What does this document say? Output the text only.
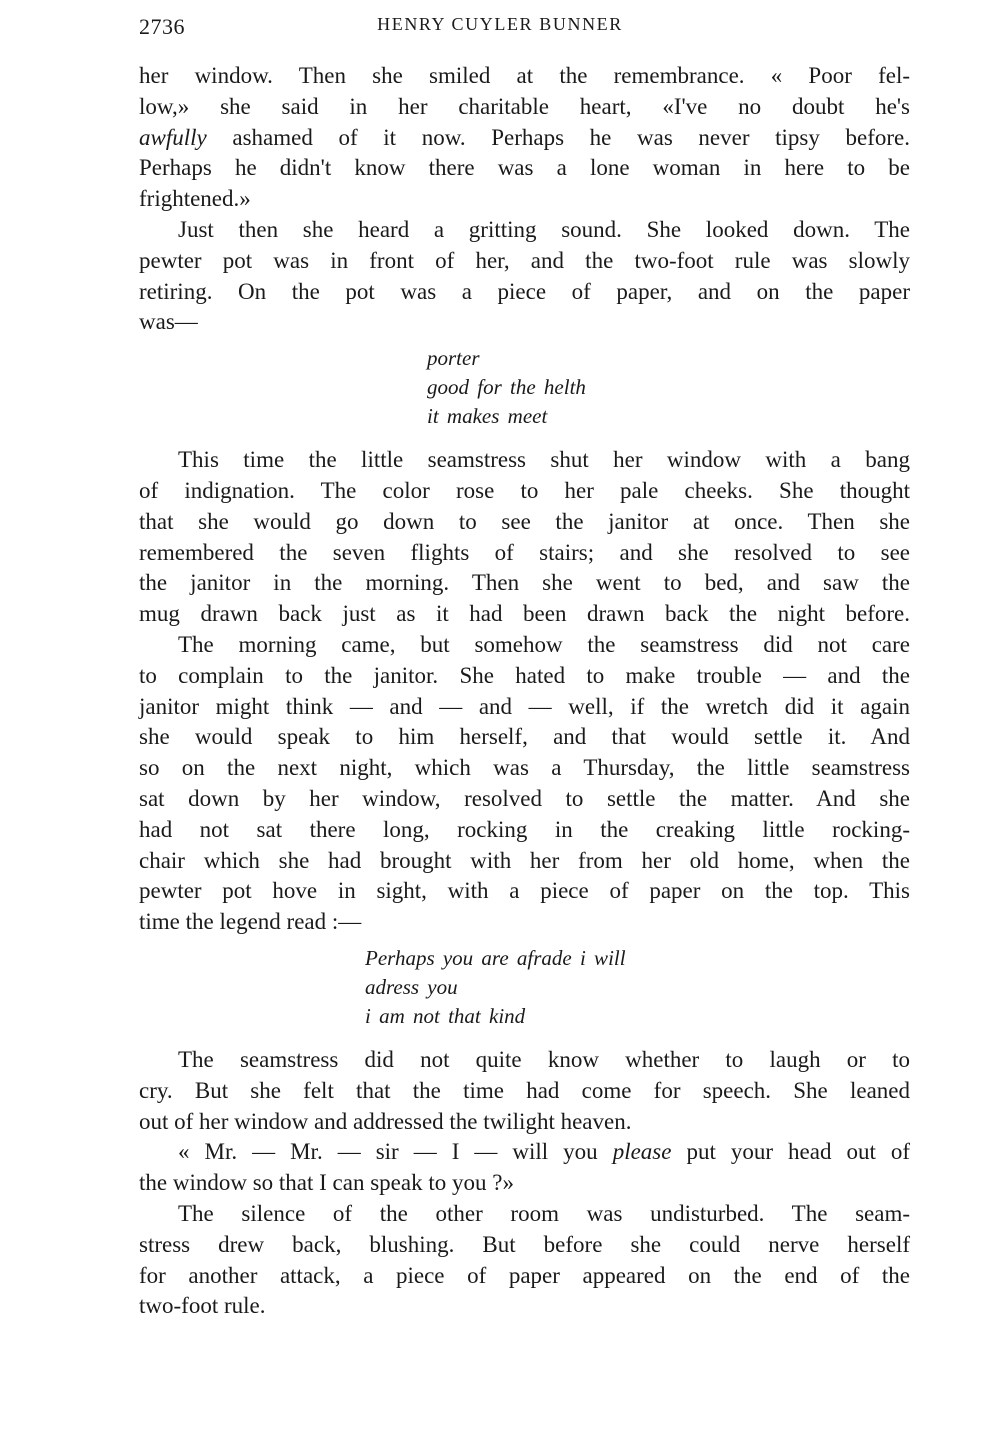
2736	HENRY CUYLER BUNNER
her window. Then she smiled at the remembrance. « Poor fel-
low,» she said in her charitable heart, «I've no doubt he's
awfully ashamed of it now. Perhaps he was never tipsy before.
Perhaps he didn't know there was a lone woman in here to be
frightened.»
Just then she heard a gritting sound. She looked down. The
pewter pot was in front of her, and the two-foot rule was slowly
retiring. On the pot was a piece of paper, and on the paper
was—
porter
good for the helth
it makes meet
This time the little seamstress shut her window with a bang
of indignation. The color rose to her pale cheeks. She thought
that she would go down to see the janitor at once. Then she
remembered the seven flights of stairs; and she resolved to see
the janitor in the morning. Then she went to bed, and saw the
mug drawn back just as it had been drawn back the night before.
The morning came, but somehow the seamstress did not care
to complain to the janitor. She hated to make trouble — and the
janitor might think — and — and — well, if the wretch did it again
she would speak to him herself, and that would settle it. And
so on the next night, which was a Thursday, the little seamstress
sat down by her window, resolved to settle the matter. And she
had not sat there long, rocking in the creaking little rocking-
chair which she had brought with her from her old home, when the
pewter pot hove in sight, with a piece of paper on the top. This
time the legend read :—
Perhaps you are afrade i will
adress you
i am not that kind
The seamstress did not quite know whether to laugh or to
cry. But she felt that the time had come for speech. She leaned
out of her window and addressed the twilight heaven.
« Mr. — Mr. — sir — I — will you please put your head out of
the window so that I can speak to you ?»
The silence of the other room was undisturbed. The seam-
stress drew back, blushing. But before she could nerve herself
for another attack, a piece of paper appeared on the end of the
two-foot rule.
